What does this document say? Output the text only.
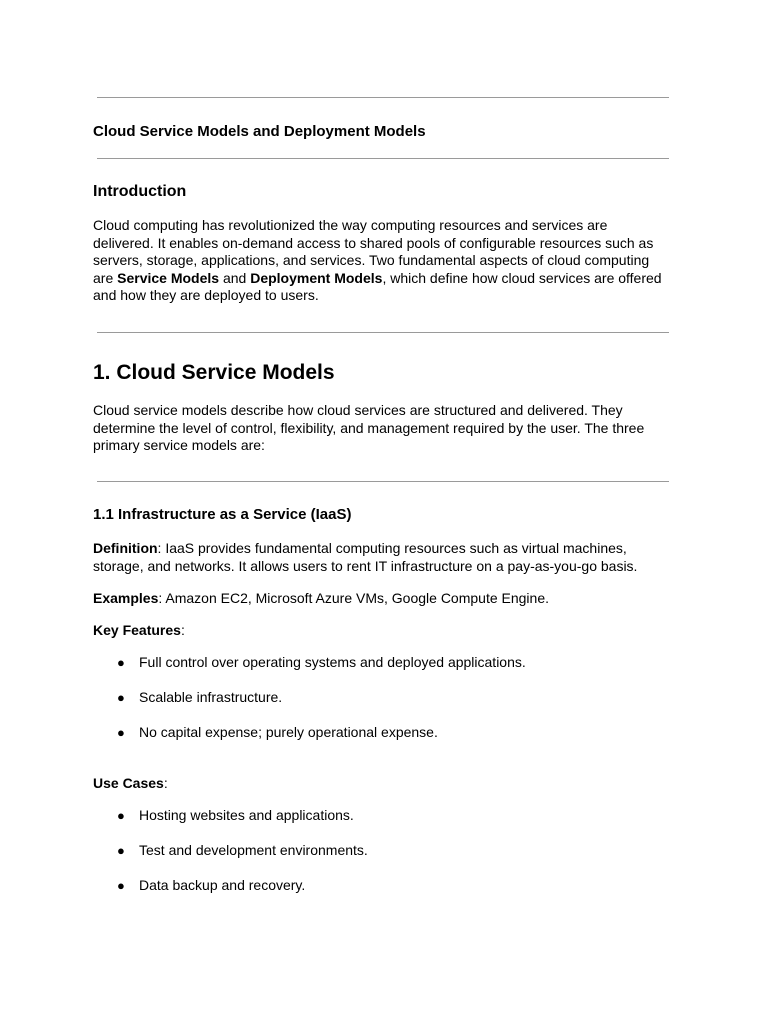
Cloud Service Models and Deployment Models

Introduction

Cloud computing has revolutionized the way computing resources and services are delivered. It enables on-demand access to shared pools of configurable resources such as servers, storage, applications, and services. Two fundamental aspects of cloud computing are Service Models and Deployment Models, which define how cloud services are offered and how they are deployed to users.

1. Cloud Service Models

Cloud service models describe how cloud services are structured and delivered. They determine the level of control, flexibility, and management required by the user. The three primary service models are:

1.1 Infrastructure as a Service (IaaS)

Definition: IaaS provides fundamental computing resources such as virtual machines, storage, and networks. It allows users to rent IT infrastructure on a pay-as-you-go basis.

Examples: Amazon EC2, Microsoft Azure VMs, Google Compute Engine.

Key Features:

● Full control over operating systems and deployed applications.
● Scalable infrastructure.
● No capital expense; purely operational expense.

Use Cases:

● Hosting websites and applications.
● Test and development environments.
● Data backup and recovery.
